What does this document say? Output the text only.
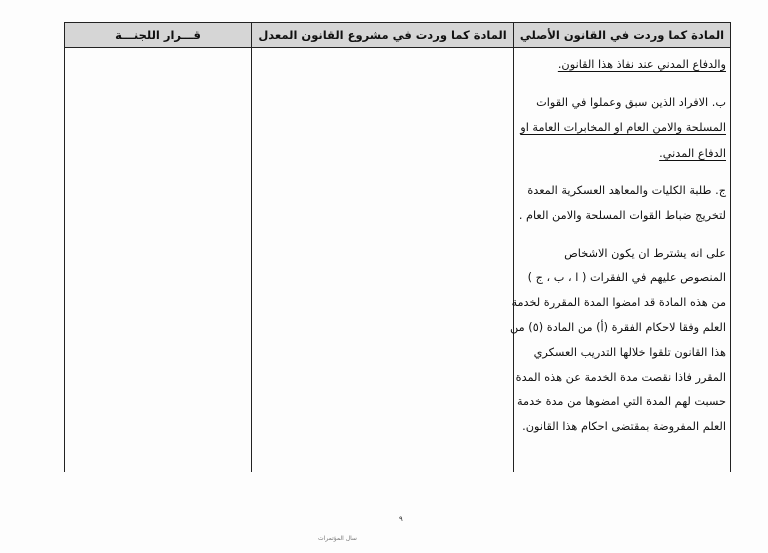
قـــرار اللجنـــة	المادة كما وردت في مشروع القانون المعدل	المادة كما وردت في القانون الأصلي
والدفاع المدني عند نفاذ هذا القانون.
ب. الافراد الذين سبق وعملوا في القوات
المسلحة والامن العام او المخابرات العامة او
الدفاع المدني.
ج. طلبة الكليات والمعاهد العسكرية المعدة
لتخريج ضباط القوات المسلحة والامن العام .
على انه يشترط ان يكون الاشخاص
المنصوص عليهم في الفقرات ( ا ، ب ، ج )
من هذه المادة قد امضوا المدة المقررة لخدمة
العلم وفقا لاحكام الفقرة (أ) من المادة (٥) من
هذا القانون تلقوا خلالها التدريب العسكري
المقرر فاذا نقصت مدة الخدمة عن هذه المدة
حسبت لهم المدة التي امضوها من مدة خدمة
العلم المفروضة بمقتضى احكام هذا القانون.
٩
سال المؤتمرات
